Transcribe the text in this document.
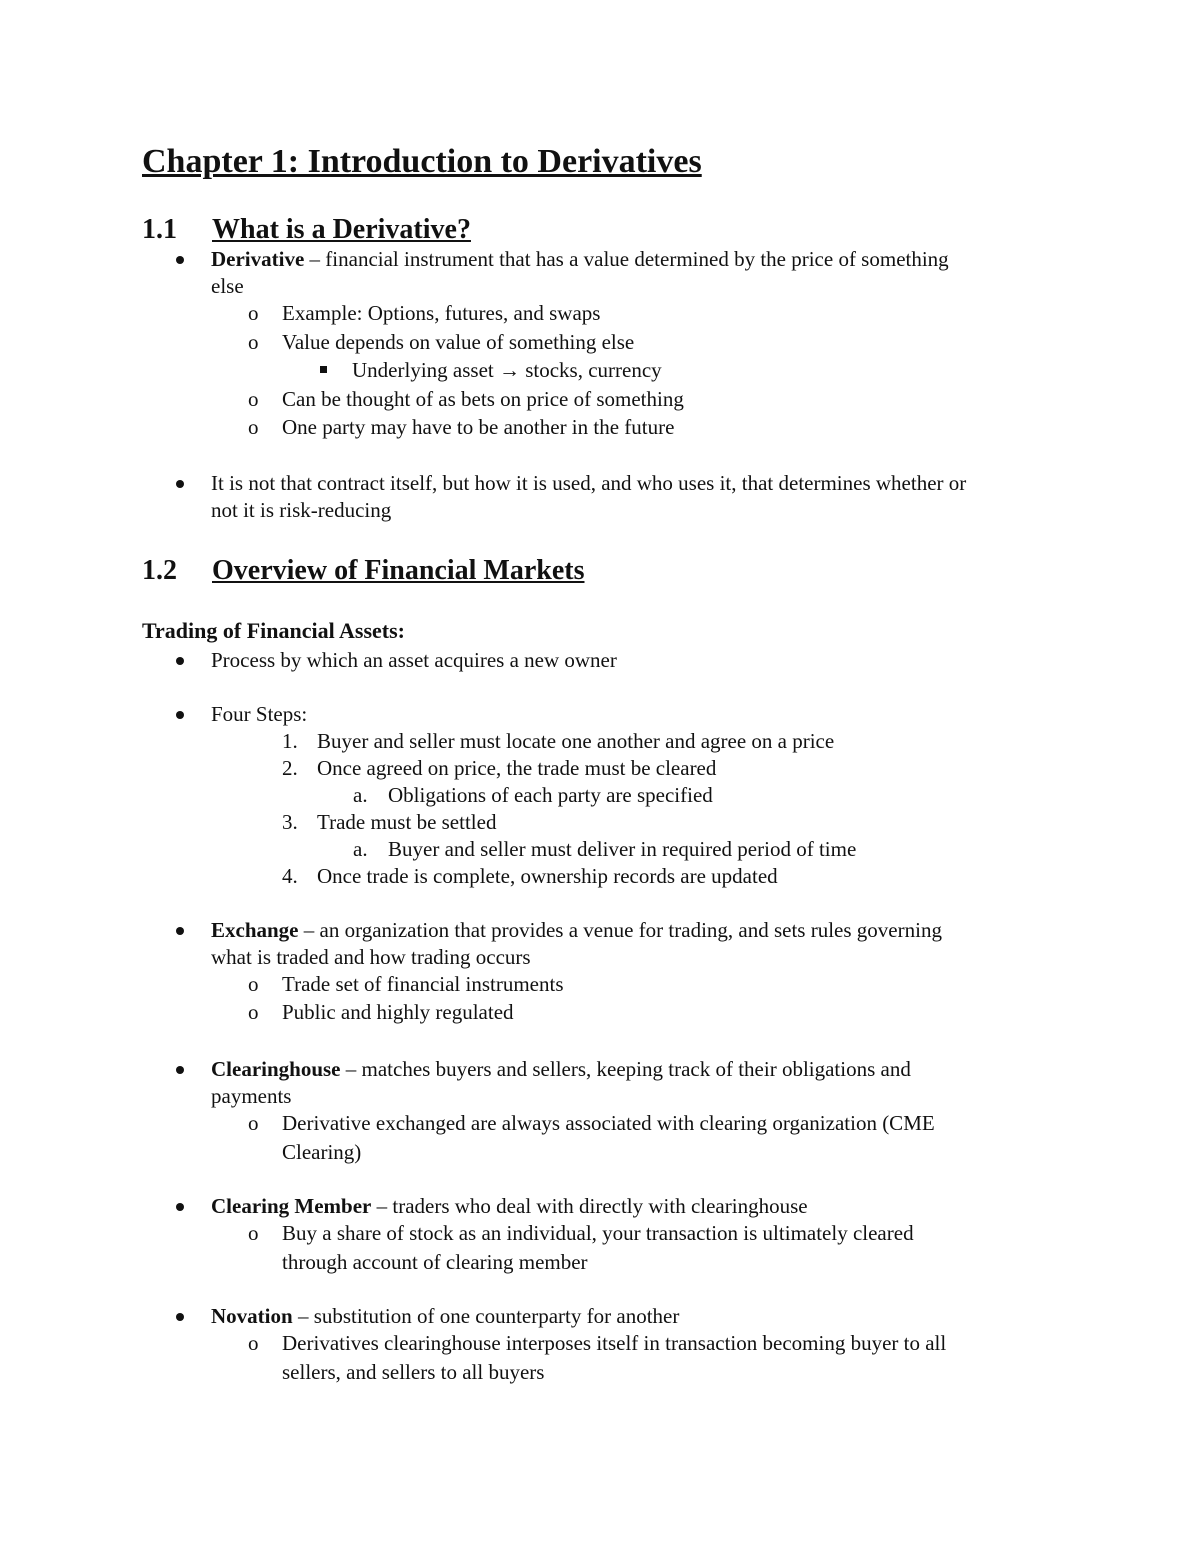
Chapter 1: Introduction to Derivatives
1.1 What is a Derivative?
Derivative – financial instrument that has a value determined by the price of something
else
o Example: Options, futures, and swaps
o Value depends on value of something else
Underlying asset → stocks, currency
o Can be thought of as bets on price of something
o One party may have to be another in the future
It is not that contract itself, but how it is used, and who uses it, that determines whether or
not it is risk-reducing
1.2 Overview of Financial Markets
Trading of Financial Assets:
Process by which an asset acquires a new owner
Four Steps:
1. Buyer and seller must locate one another and agree on a price
2. Once agreed on price, the trade must be cleared
a. Obligations of each party are specified
3. Trade must be settled
a. Buyer and seller must deliver in required period of time
4. Once trade is complete, ownership records are updated
Exchange – an organization that provides a venue for trading, and sets rules governing
what is traded and how trading occurs
o Trade set of financial instruments
o Public and highly regulated
Clearinghouse – matches buyers and sellers, keeping track of their obligations and
payments
o Derivative exchanged are always associated with clearing organization (CME
Clearing)
Clearing Member – traders who deal with directly with clearinghouse
o Buy a share of stock as an individual, your transaction is ultimately cleared
through account of clearing member
Novation – substitution of one counterparty for another
o Derivatives clearinghouse interposes itself in transaction becoming buyer to all
sellers, and sellers to all buyers
